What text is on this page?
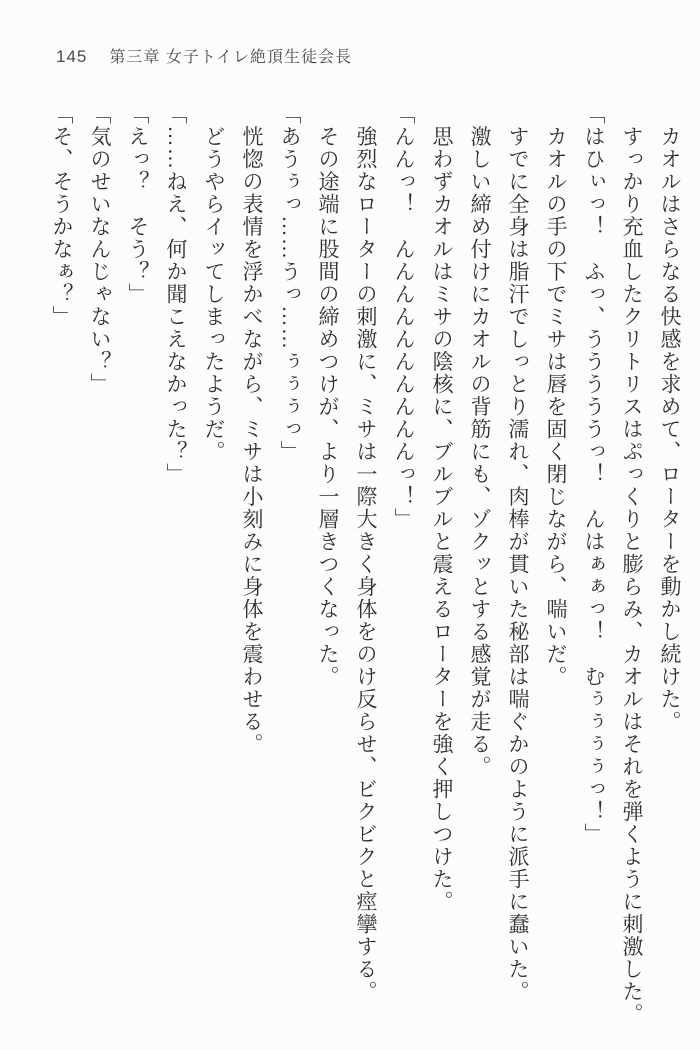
145 第三章 女子トイレ絶頂生徒会長
　カオルはさらなる快感を求めて、ローターを動かし続けた。
　すっかり充血したクリトリスはぷっくりと膨らみ、カオルはそれを弾くように刺激した。
「はひぃっ！　ふっ、うううううっ！　んはぁぁっ！　むぅぅぅぅっ！」
　カオルの手の下でミサは唇を固く閉じながら、喘いだ。
　すでに全身は脂汗でしっとり濡れ、肉棒が貫いた秘部は喘ぐかのように派手に蠢いた。
　激しい締め付けにカオルの背筋にも、ゾクッとする感覚が走る。
　思わずカオルはミサの陰核に、ブルブルと震えるローターを強く押しつけた。
「んんっ！　んんんんんんんんんんっ！」
　強烈なローターの刺激に、ミサは一際大きく身体をのけ反らせ、ビクビクと痙攣する。
　その途端に股間の締めつけが、より一層きつくなった。
「あうぅっ……うっ……ぅぅぅっ」
　恍惚の表情を浮かべながら、ミサは小刻みに身体を震わせる。
　どうやらイッてしまったようだ。
「……ねえ、何か聞こえなかった？」
「えっ？　そう？」
「気のせいなんじゃない？」
「そ、そうかなぁ？」
